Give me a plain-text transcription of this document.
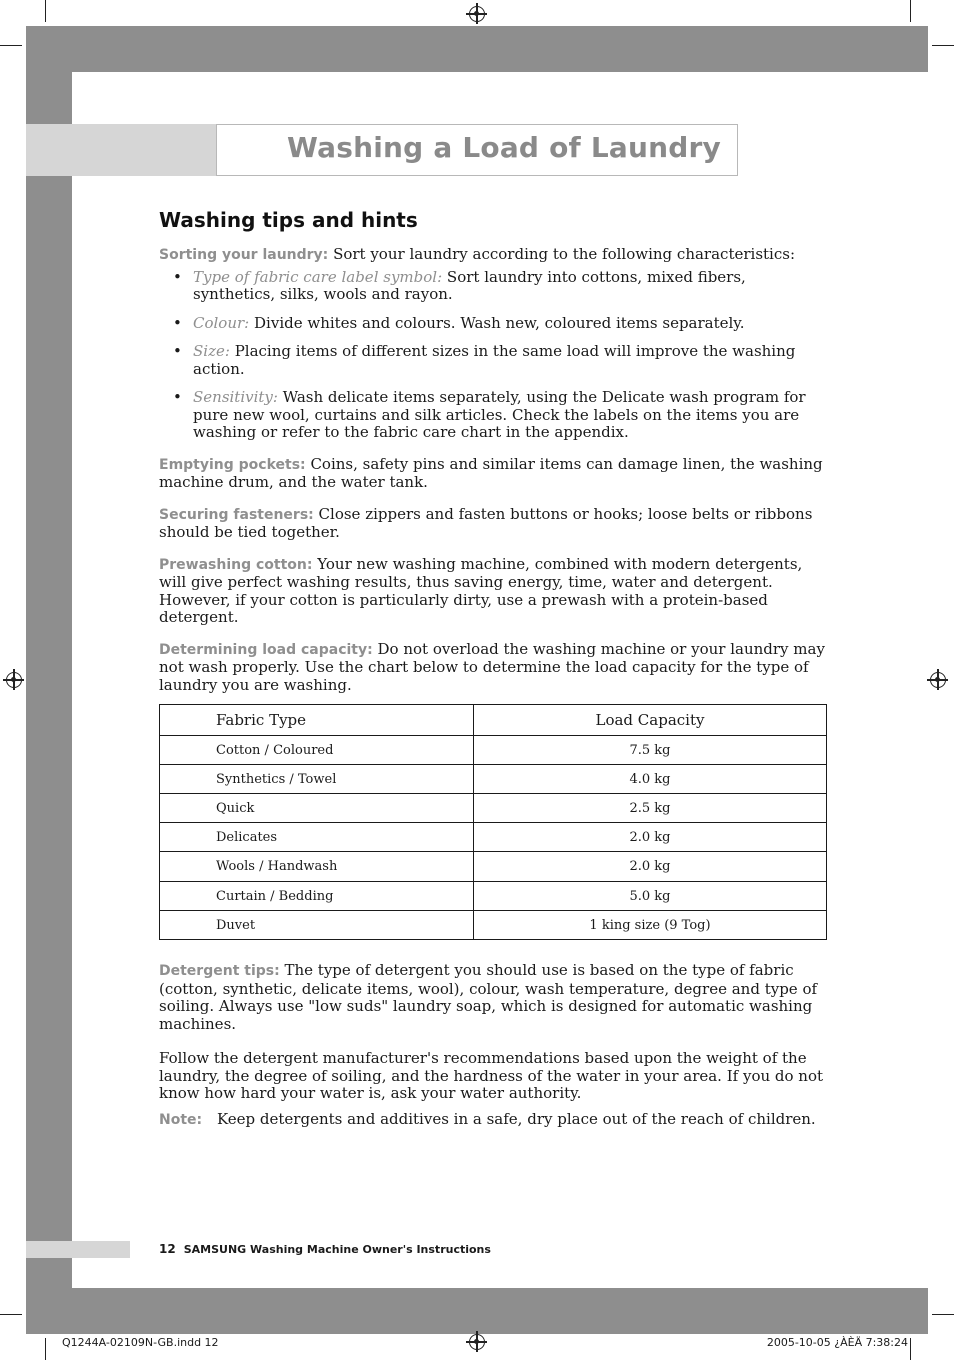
Washing a Load of Laundry
Washing tips and hints

Sorting your laundry: Sort your laundry according to the following characteristics:

• Type of fabric care label symbol: Sort laundry into cottons, mixed fibers, synthetics, silks, wools and rayon.
• Colour: Divide whites and colours. Wash new, coloured items separately.
• Size: Placing items of different sizes in the same load will improve the washing action.
• Sensitivity: Wash delicate items separately, using the Delicate wash program for pure new wool, curtains and silk articles. Check the labels on the items you are washing or refer to the fabric care chart in the appendix.

Emptying pockets: Coins, safety pins and similar items can damage linen, the washing machine drum, and the water tank.

Securing fasteners: Close zippers and fasten buttons or hooks; loose belts or ribbons should be tied together.

Prewashing cotton: Your new washing machine, combined with modern detergents, will give perfect washing results, thus saving energy, time, water and detergent. However, if your cotton is particularly dirty, use a prewash with a protein-based detergent.

Determining load capacity: Do not overload the washing machine or your laundry may not wash properly. Use the chart below to determine the load capacity for the type of laundry you are washing.

Fabric Type	Load Capacity
Cotton / Coloured	7.5 kg
Synthetics / Towel	4.0 kg
Quick	2.5 kg
Delicates	2.0 kg
Wools / Handwash	2.0 kg
Curtain / Bedding	5.0 kg
Duvet	1 king size (9 Tog)

Detergent tips: The type of detergent you should use is based on the type of fabric (cotton, synthetic, delicate items, wool), colour, wash temperature, degree and type of soiling. Always use "low suds" laundry soap, which is designed for automatic washing machines.

Follow the detergent manufacturer's recommendations based upon the weight of the laundry, the degree of soiling, and the hardness of the water in your area. If you do not know how hard your water is, ask your water authority.

Note: Keep detergents and additives in a safe, dry place out of the reach of children.

12 SAMSUNG Washing Machine Owner's Instructions
Q1244A-02109N-GB.indd 12	2005-10-05 ¿ÀÈÄ 7:38:24
